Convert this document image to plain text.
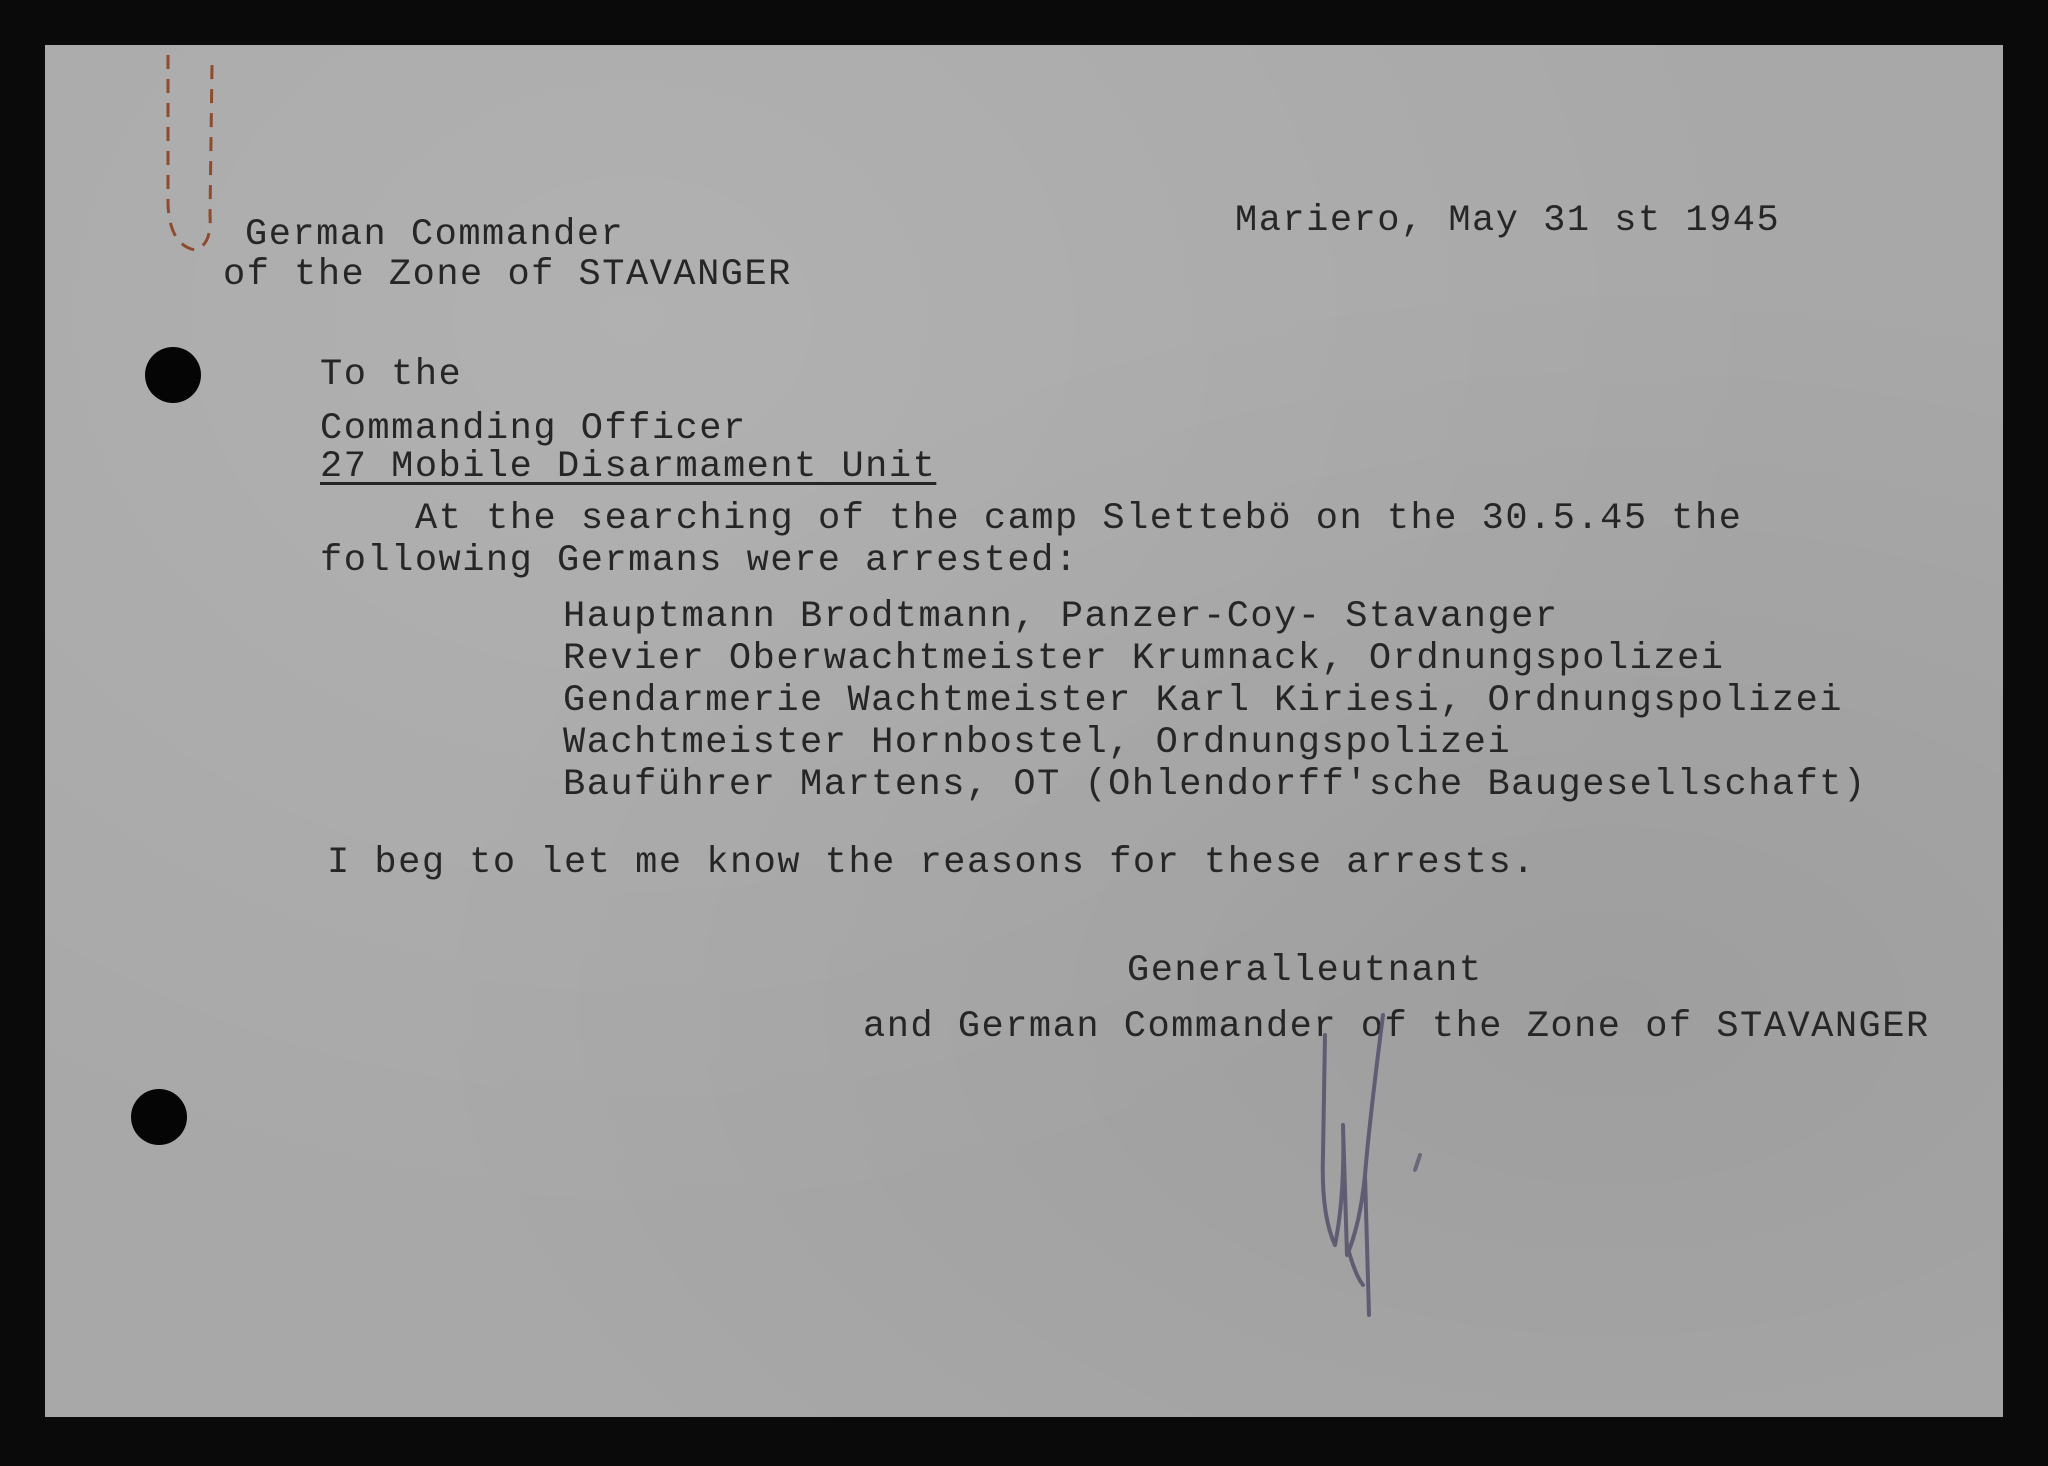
German Commander
of the Zone of STAVANGER
Mariero, May 31 st 1945
To the
Commanding Officer
27 Mobile Disarmament Unit
At the searching of the camp Slettebö on the 30.5.45 the
following Germans were arrested:
Hauptmann Brodtmann, Panzer-Coy- Stavanger
Revier Oberwachtmeister Krumnack, Ordnungspolizei
Gendarmerie Wachtmeister Karl Kiriesi, Ordnungspolizei
Wachtmeister Hornbostel, Ordnungspolizei
Bauführer Martens, OT (Ohlendorff'sche Baugesellschaft)
I beg to let me know the reasons for these arrests.
Generalleutnant
and German Commander of the Zone of STAVANGER
